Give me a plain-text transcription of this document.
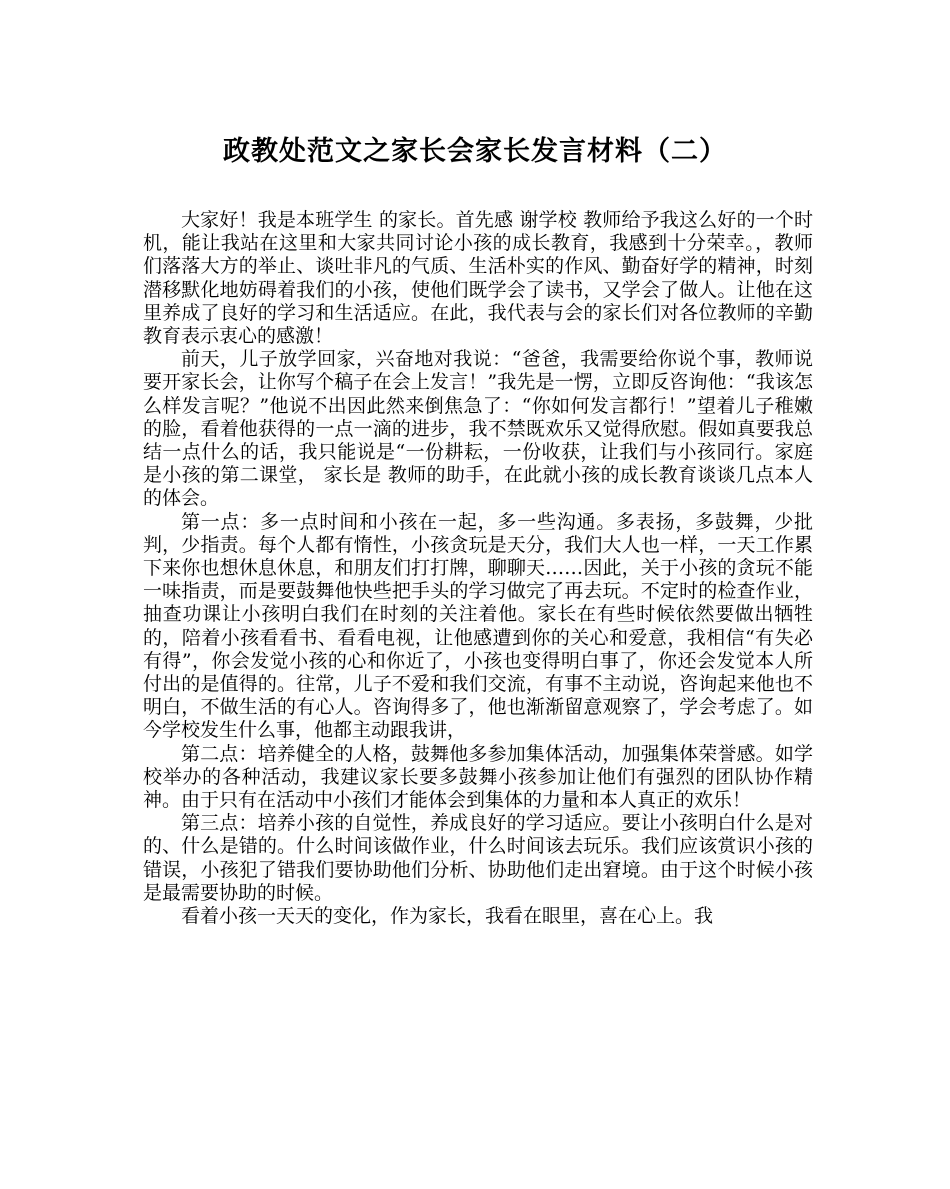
政教处范文之家长会家长发言材料（二）

大家好！我是本班学生 的家长。首先感 谢学校 教师给予我这么好的一个时机，能让我站在这里和大家共同讨论小孩的成长教育，我感到十分荣幸。，教师们落落大方的举止、谈吐非凡的气质、生活朴实的作风、勤奋好学的精神，时刻潜移默化地妨碍着我们的小孩，使他们既学会了读书，又学会了做人。让他在这里养成了良好的学习和生活适应。在此，我代表与会的家长们对各位教师的辛勤教育表示衷心的感激！

前天，儿子放学回家，兴奋地对我说：“爸爸，我需要给你说个事，教师说要开家长会，让你写个稿子在会上发言！”我先是一愣，立即反咨询他：“我该怎么样发言呢？”他说不出因此然来倒焦急了：“你如何发言都行！”望着儿子稚嫩的脸，看着他获得的一点一滴的进步，我不禁既欢乐又觉得欣慰。假如真要我总结一点什么的话，我只能说是“一份耕耘，一份收获，让我们与小孩同行。家庭是小孩的第二课堂， 家长是 教师的助手，在此就小孩的成长教育谈谈几点本人的体会。

第一点：多一点时间和小孩在一起，多一些沟通。多表扬，多鼓舞，少批判，少指责。每个人都有惰性，小孩贪玩是天分，我们大人也一样，一天工作累下来你也想休息休息，和朋友们打打牌，聊聊天……因此，关于小孩的贪玩不能一味指责，而是要鼓舞他快些把手头的学习做完了再去玩。不定时的检查作业，抽查功课让小孩明白我们在时刻的关注着他。家长在有些时候依然要做出牺牲的，陪着小孩看看书、看看电视，让他感遭到你的关心和爱意，我相信“有失必有得”，你会发觉小孩的心和你近了，小孩也变得明白事了，你还会发觉本人所付出的是值得的。往常，儿子不爱和我们交流，有事不主动说，咨询起来他也不明白，不做生活的有心人。咨询得多了，他也渐渐留意观察了，学会考虑了。如今学校发生什么事，他都主动跟我讲，

第二点：培养健全的人格，鼓舞他多参加集体活动，加强集体荣誉感。如学校举办的各种活动，我建议家长要多鼓舞小孩参加让他们有强烈的团队协作精神。由于只有在活动中小孩们才能体会到集体的力量和本人真正的欢乐！

第三点：培养小孩的自觉性，养成良好的学习适应。要让小孩明白什么是对的、什么是错的。什么时间该做作业，什么时间该去玩乐。我们应该赏识小孩的错误，小孩犯了错我们要协助他们分析、协助他们走出窘境。由于这个时候小孩是最需要协助的时候。

看着小孩一天天的变化，作为家长，我看在眼里，喜在心上。我
